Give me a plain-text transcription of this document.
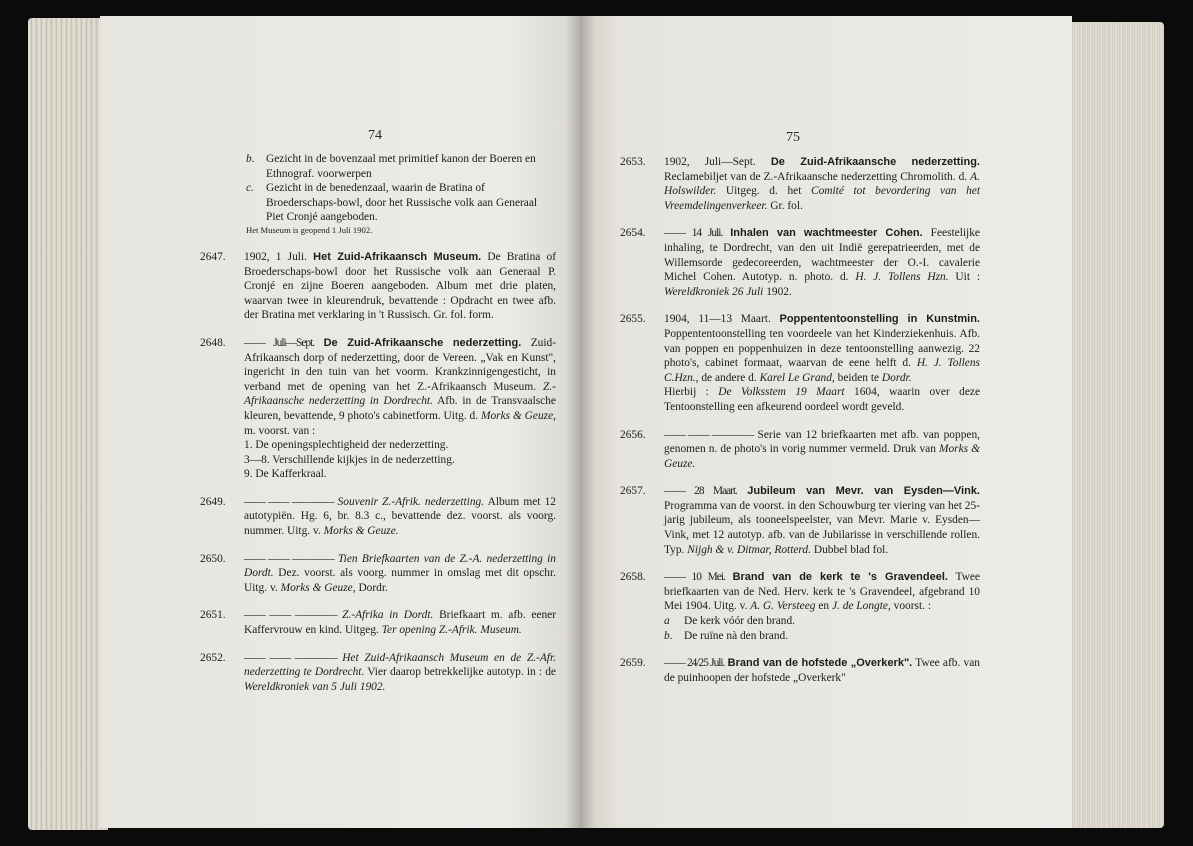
74	75

b. Gezicht in de bovenzaal met primitief kanon der Boeren en Ethnograf. voorwerpen

c. Gezicht in de benedenzaal, waarin de Bratina of Broederschaps-bowl, door het Russische volk aan Generaal Piet Cronjé aangeboden.

Het Museum is geopend 1 Juli 1902.

2647. 1902, 1 Juli. Het Zuid-Afrikaansch Museum. De Bratina of Broederschaps-bowl door het Russische volk aan Generaal P. Cronjé en zijne Boeren aangeboden. Album met drie platen, waarvan twee in kleurendruk, bevattende : Opdracht en twee afb. der Bratina met verklaring in 't Russisch. Gr. fol. form.

2648. —— Juli—Sept. De Zuid-Afrikaansche nederzetting. Zuid-Afrikaansch dorp of nederzetting, door de Vereen. „Vak en Kunst", ingericht in den tuin van het voorm. Krankzinnigengesticht, in verband met de opening van het Z.-Afrikaansch Museum. Z.-Afrikaansche nederzetting in Dordrecht. Afb. in de Transvaalsche kleuren, bevattende, 9 photo's cabinetform. Uitg. d. Morks & Geuze, m. voorst. van :

1. De openingsplechtigheid der nederzetting.

3—8. Verschillende kijkjes in de nederzetting.

9. De Kafferkraal.

2649. —— —— ———— Souvenir Z.-Afrik. nederzetting. Album met 12 autotypiën. Hg. 6, br. 8.3 c., bevattende dez. voorst. als voorg. nummer. Uitg. v. Morks & Geuze.

2650. —— —— ———— Tien Briefkaarten van de Z.-A. nederzetting in Dordt. Dez. voorst. als voorg. nummer in omslag met dit opschr. Uitg. v. Morks & Geuze, Dordr.

2651. —— —— ———— Z.-Afrika in Dordt. Briefkaart m. afb. eener Kaffervrouw en kind. Uitgeg. Ter opening Z.-Afrik. Museum.

2652. —— —— ———— Het Zuid-Afrikaansch Museum en de Z.-Afr. nederzetting te Dordrecht. Vier daarop betrekkelijke autotyp. in : de Wereldkroniek van 5 Juli 1902.

2653. 1902, Juli—Sept. De Zuid-Afrikaansche nederzetting. Reclamebiljet van de Z.-Afrikaansche nederzetting Chromolith. d. A. Holswilder. Uitgeg. d. het Comité tot bevordering van het Vreemdelingenverkeer. Gr. fol.

2654. —— 14 Juli. Inhalen van wachtmeester Cohen. Feestelijke inhaling, te Dordrecht, van den uit Indië gerepatrieerden, met de Willemsorde gedecoreerden, wachtmeester der O.-I. cavalerie Michel Cohen. Autotyp. n. photo. d. H. J. Tollens Hzn. Uit : Wereldkroniek 26 Juli 1902.

2655. 1904, 11—13 Maart. Poppententoonstelling in Kunstmin. Poppententoonstelling ten voordeele van het Kinderziekenhuis. Afb. van poppen en poppenhuizen in deze tentoonstelling aanwezig. 22 photo's, cabinet formaat, waarvan de eene helft d. H. J. Tollens C.Hzn., de andere d. Karel Le Grand, beiden te Dordr.
Hierbij : De Volksstem 19 Maart 1604, waarin over deze Tentoonstelling een afkeurend oordeel wordt geveld.

2656. —— —— ———— Serie van 12 briefkaarten met afb. van poppen, genomen n. de photo's in vorig nummer vermeld. Druk van Morks & Geuze.

2657. —— 28 Maart. Jubileum van Mevr. van Eysden—Vink. Programma van de voorst. in den Schouwburg ter viering van het 25-jarig jubileum, als tooneelspeelster, van Mevr. Marie v. Eysden—Vink, met 12 autotyp. afb. van de Jubilarisse in verschillende rollen. Typ. Nijgh & v. Ditmar, Rotterd. Dubbel blad fol.

2658. —— 10 Mei. Brand van de kerk te 's Gravendeel. Twee briefkaarten van de Ned. Herv. kerk te 's Gravendeel, afgebrand 10 Mei 1904. Uitg. v. A. G. Versteeg en J. de Longte, voorst. :

a De kerk vóór den brand.

b. De ruïne nà den brand.

2659. —— 24/25 Juli. Brand van de hofstede „Overkerk". Twee afb. van de puinhoopen der hofstede „Overkerk"
